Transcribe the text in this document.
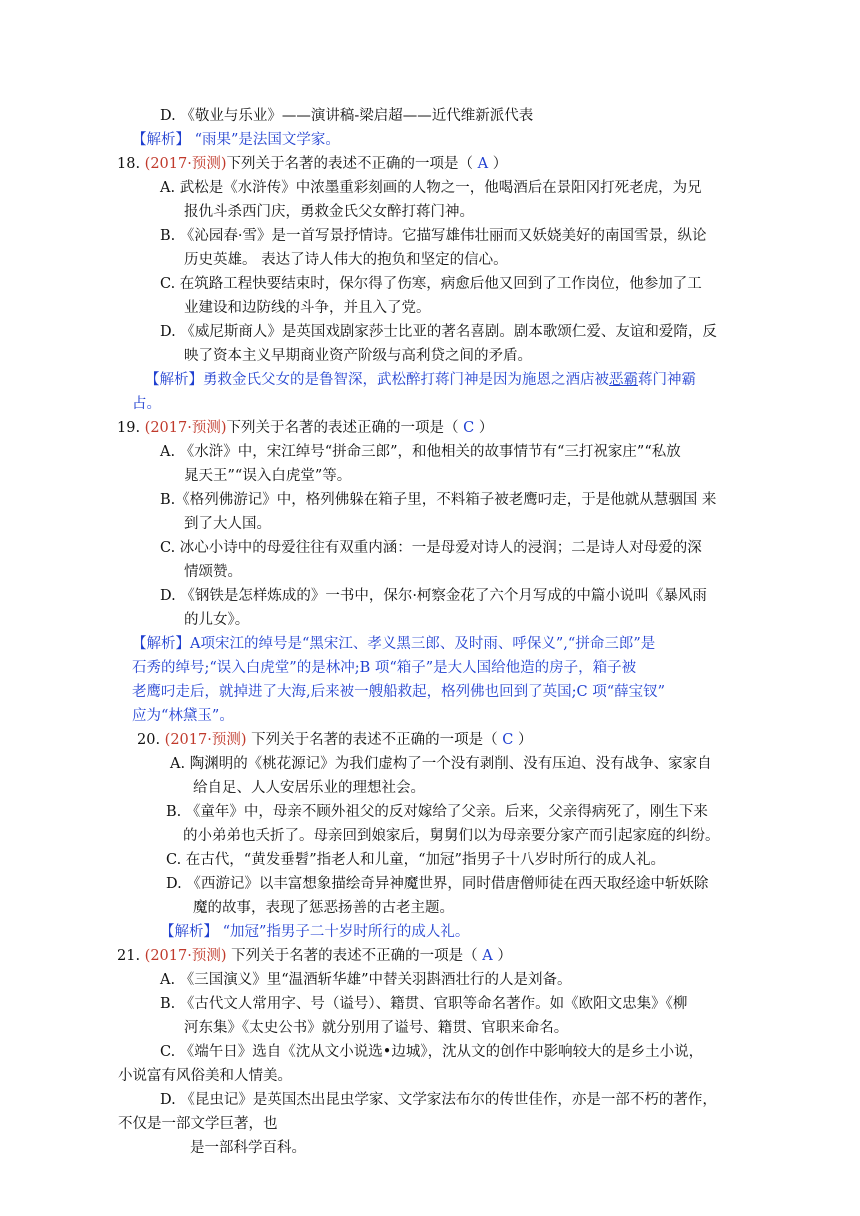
D. 《敬业与乐业》——演讲稿-梁启超——近代维新派代表
【解析】 “雨果”是法国文学家。
18. (2017·预测)下列关于名著的表述不正确的一项是（ A ）
A. 武松是《水浒传》中浓墨重彩刻画的人物之一，他喝酒后在景阳冈打死老虎，为兄
报仇斗杀西门庆，勇救金氏父女醉打蒋门神。
B. 《沁园春·雪》是一首写景抒情诗。它描写雄伟壮丽而又妖娆美好的南国雪景，纵论
历史英雄。 表达了诗人伟大的抱负和坚定的信心。
C. 在筑路工程快要结束时，保尔得了伤寒，病愈后他又回到了工作岗位，他参加了工
业建设和边防线的斗争，并且入了党。
D. 《威尼斯商人》是英国戏剧家莎士比亚的著名喜剧。剧本歌颂仁爱、友谊和爱隋，反
映了资本主义早期商业资产阶级与高利贷之间的矛盾。
【解析】勇救金氏父女的是鲁智深，武松醉打蒋门神是因为施恩之酒店被恶霸蒋门神霸
占。
19. (2017·预测)下列关于名著的表述正确的一项是（ C ）
A. 《水浒》中，宋江绰号“拼命三郎”，和他相关的故事情节有“三打祝家庄”“私放
晁天王”“误入白虎堂”等。
B.《格列佛游记》中，格列佛躲在箱子里，不料箱子被老鹰叼走，于是他就从慧骃国 来
到了大人国。
C. 冰心小诗中的母爱往往有双重内涵：一是母爱对诗人的浸润；二是诗人对母爱的深
情颂赞。
D. 《钢铁是怎样炼成的》一书中，保尔·柯察金花了六个月写成的中篇小说叫《暴风雨
的儿女》。
【解析】A项宋江的绰号是“黑宋江、孝义黑三郎、及时雨、呼保义”,“拼命三郎”是
石秀的绰号;“误入白虎堂”的是林冲;B 项“箱子”是大人国给他造的房子，箱子被
老鹰叼走后，就掉进了大海,后来被一艘船救起，格列佛也回到了英国;C 项“薛宝钗”
应为“林黛玉”。
20. (2017·预测) 下列关于名著的表述不正确的一项是（ C ）
A. 陶渊明的《桃花源记》为我们虚构了一个没有剥削、没有压迫、没有战争、家家自
给自足、人人安居乐业的理想社会。
B. 《童年》中，母亲不顾外祖父的反对嫁给了父亲。后来，父亲得病死了，刚生下来
的小弟弟也夭折了。母亲回到娘家后，舅舅们以为母亲要分家产而引起家庭的纠纷。
C. 在古代，“黄发垂髫”指老人和儿童，“加冠”指男子十八岁时所行的成人礼。
D. 《西游记》以丰富想象描绘奇异神魔世界，同时借唐僧师徒在西天取经途中斩妖除
魔的故事，表现了惩恶扬善的古老主题。
【解析】 “加冠”指男子二十岁时所行的成人礼。
21. (2017·预测) 下列关于名著的表述不正确的一项是（ A ）
A. 《三国演义》里“温酒斩华雄”中替关羽斟酒壮行的人是刘备。
B. 《古代文人常用字、号（谥号）、籍贯、官职等命名著作。如《欧阳文忠集》《柳
河东集》《太史公书》就分别用了谥号、籍贯、官职来命名。
C. 《端午日》选自《沈从文小说选•边城》，沈从文的创作中影响较大的是乡土小说，
小说富有风俗美和人情美。
D. 《昆虫记》是英国杰出昆虫学家、文学家法布尔的传世佳作，亦是一部不朽的著作，
不仅是一部文学巨著，也
是一部科学百科。
